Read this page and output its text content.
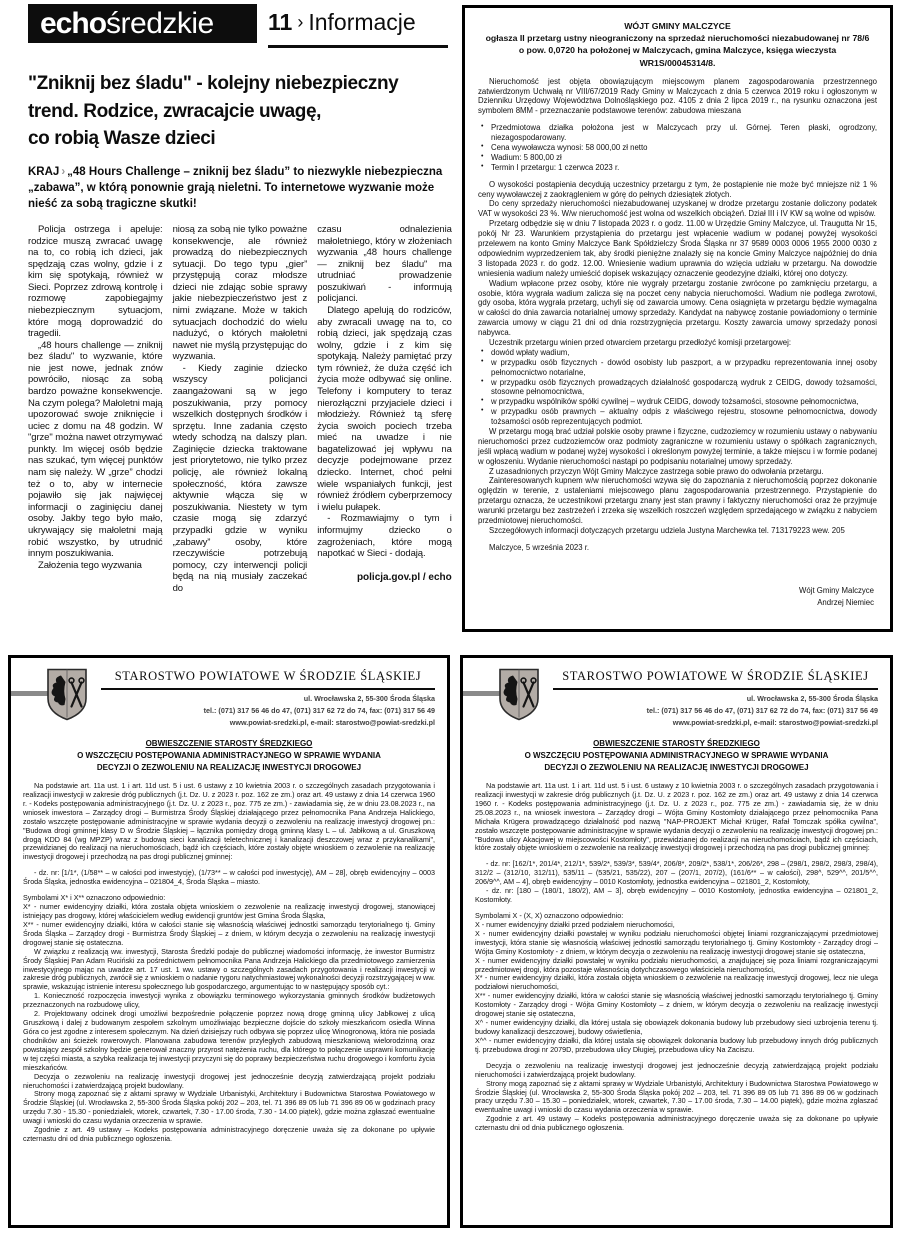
echo średzkie 11 › Informacje
"Zniknij bez śladu" - kolejny niebezpieczny
trend. Rodzice, zwracajcie uwagę,
co robią Wasze dzieci
KRAJ › „48 Hours Challenge – zniknij bez śladu” to niezwykle niebezpieczna „zabawa”, w którą ponownie grają nieletni. To internetowe wyzwanie może nieść za sobą tragiczne skutki!

Policja ostrzega i apeluje: rodzice muszą zwracać uwagę na to, co robią ich dzieci, jak spędzają czas wolny, gdzie i z kim się spotykają, również w Sieci. Poprzez zdrową kontrolę i rozmowę zapobiegajmy niebezpiecznym sytuacjom, które mogą doprowadzić do tragedii.

„48 hours challenge — zniknij bez śladu" to wyzwanie, które nie jest nowe, jednak znów powróciło, niosąc za sobą bardzo poważne konsekwencje. Na czym polega? Małoletni mają upozorować swoje zniknięcie i uciec z domu na 48 godzin. W "grze" można nawet otrzymywać punkty. Im więcej osób będzie nas szukać, tym więcej punktów nam się należy. W „grze” chodzi też o to, aby w internecie pojawiło się jak najwięcej informacji o zaginięciu danej osoby. Jakby tego było mało, ukrywający się małoletni mają robić wszystko, by utrudnić innym poszukiwania.

Założenia tego wyzwania

niosą za sobą nie tylko poważne konsekwencje, ale również prowadzą do niebezpiecznych sytuacji. Do tego typu „gier” przystępują coraz młodsze dzieci nie zdając sobie sprawy jakie niebezpieczeństwo jest z nimi związane. Może w takich sytuacjach dochodzić do wielu nadużyć, o których małoletni nawet nie myślą przystępując do wyzwania.

- Kiedy zaginie dziecko wszyscy policjanci zaangażowani są w jego poszukiwania, przy pomocy wszelkich dostępnych środków i sprzętu. Inne zadania często wtedy schodzą na dalszy plan. Zaginięcie dziecka traktowane jest priorytetowo, nie tylko przez policję, ale również lokalną społeczność, która zawsze aktywnie włącza się w poszukiwania. Niestety w tym czasie mogą się zdarzyć przypadki gdzie w wyniku „zabawy” osoby, które rzeczywiście potrzebują pomocy, czy interwencji policji będą na nią musiały zaczekać do

czasu odnalezienia małoletniego, który w złożeniach wyzwania „48 hours challenge — zniknij bez śladu" ma utrudniać prowadzenie poszukiwań - informują policjanci.

Dlatego apelują do rodziców, aby zwracali uwagę na to, co robią dzieci, jak spędzają czas wolny, gdzie i z kim się spotykają. Należy pamiętać przy tym również, że duża część ich życia może odbywać się online. Telefony i komputery to teraz nierozłączni przyjaciele dzieci i młodzieży. Również tą sferę życia swoich pociech trzeba mieć na uwadze i nie bagatelizować jej wpływu na decyzje podejmowane przez dziecko. Internet, choć pełni wiele wspaniałych funkcji, jest również źródłem cyberprzemocy i wielu pułapek.

- Rozmawiajmy o tym i informujmy dziecko o zagrożeniach, które mogą napotkać w Sieci - dodają.

policja.gov.pl / echo

WÓJT GMINY MALCZYCE
ogłasza II przetarg ustny nieograniczony na sprzedaż nieruchomości niezabudowanej nr 78/6 o pow. 0,0720 ha położonej w Malczycach, gmina Malczyce, księga wieczysta WR1S/00045314/8.

Nieruchomość jest objęta obowiązującym miejscowym planem zagospodarowania przestrzennego zatwierdzonym Uchwałą nr VIII/67/2019 Rady Gminy w Malczycach z dnia 5 czerwca 2019 roku i ogłoszonym w Dzienniku Urzędowy Województwa Dolnośląskiego poz. 4105 z dnia 2 lipca 2019 r., na rysunku oznaczona jest symbolem 8MM - przeznaczanie podstawowe terenów: zabudowa mieszana

• Przedmiotowa działka położona jest w Malczycach przy ul. Górnej. Teren płaski, ogrodzony, niezagospodarowany.

• Cena wywoławcza wynosi: 58 000,00 zł netto

• Wadium: 5 800,00 zł

• Termin I przetargu: 1 czerwca 2023 r.

O wysokości postąpienia decydują uczestnicy przetargu z tym, że postąpienie nie może być mniejsze niż 1 % ceny wywoławczej z zaokrągleniem w górę do pełnych dziesiątek złotych.

Do ceny sprzedaży nieruchomości niezabudowanej uzyskanej w drodze przetargu zostanie doliczony podatek VAT w wysokości 23 %. W/w nieruchomość jest wolna od wszelkich obciążeń. Dział III i IV KW są wolne od wpisów.

Przetarg odbędzie się w dniu 7 listopada 2023 r. o godz. 11.00 w Urzędzie Gminy Malczyce, ul. Traugutta Nr 15, pokój Nr 23. Warunkiem przystąpienia do przetargu jest wpłacenie wadium w podanej powyżej wysokości przelewem na konto Gminy Malczyce Bank Spółdzielczy Środa Śląska nr 37 9589 0003 0006 1955 2000 0030 z odpowiednim wyprzedzeniem tak, aby środki pieniężne znalazły się na koncie Gminy Malczyce najpóźniej do dnia 3 listopada 2023 r. do godz. 12.00. Wniesienie wadium uprawnia do wzięcia udziału w przetargu. Na dowodzie wniesienia wadium należy umieścić dopisek wskazujący oznaczenie geodezyjne działki, której ono dotyczy.

Wadium wpłacone przez osoby, które nie wygrały przetargu zostanie zwrócone po zamknięciu przetargu, a osobie, która wygrała wadium zalicza się na poczet ceny nabycia nieruchomości. Wadium nie podlega zwrotowi, gdy osoba, która wygrała przetarg, uchyli się od zawarcia umowy. Cena osiągnięta w przetargu będzie wymagalna w całości do dnia zawarcia notarialnej umowy sprzedaży. Kandydat na nabywcę zostanie powiadomiony o terminie zawarcia umowy w ciągu 21 dni od dnia rozstrzygnięcia przetargu. Koszty zawarcia umowy sprzedaży ponosi nabywca.

Uczestnik przetargu winien przed otwarciem przetargu przedłożyć komisji przetargowej:

• dowód wpłaty wadium,

• w przypadku osób fizycznych - dowód osobisty lub paszport, a w przypadku reprezentowania innej osoby pełnomocnictwo notarialne,

• w przypadku osób fizycznych prowadzących działalność gospodarczą wydruk z CEIDG, dowody tożsamości, stosowne pełnomocnictwa,

• w przypadku wspólników spółki cywilnej – wydruk CEIDG, dowody tożsamości, stosowne pełnomocnictwa,

• w przypadku osób prawnych – aktualny odpis z właściwego rejestru, stosowne pełnomocnictwa, dowody tożsamości osób reprezentujących podmiot.

W przetargu mogą brać udział polskie osoby prawne i fizyczne, cudzoziemcy w rozumieniu ustawy o nabywaniu nieruchomości przez cudzoziemców oraz podmioty zagraniczne w rozumieniu ustawy o spółkach zagranicznych, jeśli wpłacą wadium w podanej wyżej wysokości i określonym powyżej terminie, a także miejscu i w formie podanej w ogłoszeniu. Wydanie nieruchomości nastąpi po podpisaniu notarialnej umowy sprzedaży.

Z uzasadnionych przyczyn Wójt Gminy Malczyce zastrzega sobie prawo do odwołania przetargu.

Zainteresowanych kupnem w/w nieruchomości wzywa się do zapoznania z nieruchomością poprzez dokonanie oględzin w terenie, z ustaleniami miejscowego planu zagospodarowania przestrzennego. Przystąpienie do przetargu oznacza, że uczestnikowi przetargu znany jest stan prawny i faktyczny nieruchomości oraz że przyjmuje warunki przetargu bez zastrzeżeń i zrzeka się wszelkich roszczeń względem sprzedającego w związku z nabyciem przedmiotowej nieruchomości.

Szczegółowych informacji dotyczących przetargu udziela Justyna Marchewka tel. 713179223 wew. 205

Malczyce, 5 września 2023 r.

Wójt Gminy Malczyce
Andrzej Niemiec
STAROSTWO POWIATOWE W ŚRODZIE ŚLĄSKIEJ
ul. Wrocławska 2, 55-300 Środa Śląska
tel.: (071) 317 56 46 do 47, (071) 317 62 72 do 74, fax: (071) 317 56 49
www.powiat-sredzki.pl, e-mail: starostwo@powiat-sredzki.pl
OBWIESZCZENIE STAROSTY ŚREDZKIEGO
O WSZCZĘCIU POSTĘPOWANIA ADMINISTRACYJNEGO W SPRAWIE WYDANIA
DECYZJI O ZEZWOLENIU NA REALIZACJĘ INWESTYCJI DROGOWEJ

Na podstawie art. 11a ust. 1 i art. 11d ust. 5 i ust. 6 ustawy z 10 kwietnia 2003 r. o szczególnych zasadach przygotowania i realizacji inwestycji w zakresie dróg publicznych (j.t. Dz. U. z 2023 r. poz. 162 ze zm.) oraz art. 49 ustawy z dnia 14 czerwca 1960 r. - Kodeks postępowania administracyjnego (j.t. Dz. U. z 2023 r., poz. 775 ze zm.) - zawiadamia się, że w dniu 23.08.2023 r., na wniosek inwestora – Zarządcy drogi – Burmistrza Środy Śląskiej działającego przez pełnomocnika Pana Andrzeja Halickiego, zostało wszczęte postępowanie administracyjne w sprawie wydania decyzji o zezwoleniu na realizację inwestycji drogowej pn.: "Budowa drogi gminnej klasy D w Środzie Śląskiej – łącznika pomiędzy drogą gminną klasy L – ul. Jabłkową a ul. Gruszkową drogą KDD 84 (wg MPZP) wraz z budową sieci kanalizacji teletechnicznej i kanalizacji deszczowej wraz z przykanalikami", przewidzianej do realizacji na nieruchomościach, bądź ich częściach, które zostały objęte wnioskiem o zezwolenie na realizację inwestycji drogowej i przechodzą na pas drogi publicznej gminnej:

- dz. nr: [1/1*, (1/58** – w całości pod inwestycję), (1/73** – w całości pod inwestycję), AM – 28], obręb ewidencyjny – 0003 Środa Śląska, jednostka ewidencyjna – 021804_4, Środa Śląska – miasto.

Symbolami X* i X** oznaczono odpowiednio:

X* - numer ewidencyjny działki, która została objęta wnioskiem o zezwolenie na realizację inwestycji drogowej, stanowiącej istniejący pas drogowy, której właścicielem według ewidencji gruntów jest Gmina Środa Śląska,

X** - numer ewidencyjny działki, która w całości stanie się własnością właściwej jednostki samorządu terytorialnego tj. Gminy Środa Śląska – Zarządcy drogi - Burmistrza Środy Śląskiej – z dniem, w którym decyzja o zezwoleniu na realizację inwestycji drogowej stanie się ostateczna.

W związku z realizacją ww. inwestycji, Starosta Średzki podaje do publicznej wiadomości informację, że inwestor Burmistrz Środy Śląskiej Pan Adam Ruciński za pośrednictwem pełnomocnika Pana Andrzeja Halickiego dla przedmiotowego zamierzenia inwestycyjnego mając na uwadze art. 17 ust. 1 ww. ustawy o szczególnych zasadach przygotowania i realizacji inwestycji w zakresie dróg publicznych, zwrócił się z wnioskiem o nadanie rygoru natychmiastowej wykonalności decyzji rozstrzygającej w ww. sprawie, wskazując istnienie interesu społecznego lub gospodarczego, argumentując to w następujący sposób cyt.:

1. Konieczność rozpoczęcia inwestycji wynika z obowiązku terminowego wykorzystania gminnych środków budżetowych przeznaczonych na rozbudowę ulicy,

2. Projektowany odcinek drogi umożliwi bezpośrednie połączenie poprzez nową drogę gminną ulicy Jabłkowej z ulicą Gruszkową i dalej z budowanym zespołem szkolnym umożliwiając bezpieczne dojście do szkoły mieszkańcom osiedla Winna Góra co jest zgodne z interesem społecznym. Na dzień dzisiejszy ruch odbywa się poprzez ulicę Winogronową, która nie posiada chodników ani ścieżek rowerowych. Planowana zabudowa terenów przyległych zabudową mieszkaniową wielorodzinną oraz powstający zespół szkolny będzie generował znaczny przyrost natężenia ruchu, dla którego to połączenie usprawni komunikację w tej części miasta, a szybka realizacja tej inwestycji przyczyni się do poprawy bezpieczeństwa ruchu drogowego i komfortu życia mieszkańców.

Decyzja o zezwoleniu na realizację inwestycji drogowej jest jednocześnie decyzją zatwierdzającą projekt podziału nieruchomości i zatwierdzającą projekt budowlany.

Strony mogą zapoznać się z aktami sprawy w Wydziale Urbanistyki, Architektury i Budownictwa Starostwa Powiatowego w Środzie Śląskiej (ul. Wrocławska 2, 55-300 Środa Śląska pokój 202 – 203, tel. 71 396 89 05 lub 71 396 89 06 w godzinach pracy urzędu 7.30 - 15.30 - poniedziałek, wtorek, czwartek, 7.30 - 17.00 środa, 7.30 - 14.00 piątek), gdzie można zgłaszać ewentualne uwagi i wnioski do czasu wydania orzeczenia w sprawie.

Zgodnie z art. 49 ustawy – Kodeks postępowania administracyjnego doręczenie uważa się za dokonane po upływie czternastu dni od dnia publicznego ogłoszenia.

STAROSTWO POWIATOWE W ŚRODZIE ŚLĄSKIEJ
ul. Wrocławska 2, 55-300 Środa Śląska
tel.: (071) 317 56 46 do 47, (071) 317 62 72 do 74, fax: (071) 317 56 49
www.powiat-sredzki.pl, e-mail: starostwo@powiat-sredzki.pl
OBWIESZCZENIE STAROSTY ŚREDZKIEGO
O WSZCZĘCIU POSTĘPOWANIA ADMINISTRACYJNEGO W SPRAWIE WYDANIA
DECYZJI O ZEZWOLENIU NA REALIZACJĘ INWESTYCJI DROGOWEJ

Na podstawie art. 11a ust. 1 i art. 11d ust. 5 i ust. 6 ustawy z 10 kwietnia 2003 r. o szczególnych zasadach przygotowania i realizacji inwestycji w zakresie dróg publicznych (j.t. Dz. U. z 2023 r. poz. 162 ze zm.) oraz art. 49 ustawy z dnia 14 czerwca 1960 r. - Kodeks postępowania administracyjnego (j.t. Dz. U. z 2023 r., poz. 775 ze zm.) - zawiadamia się, że w dniu 25.08.2023 r., na wniosek inwestora – Zarządcy drogi – Wójta Gminy Kostomłoty działającego przez pełnomocnika Pana Michała Krügera prowadzącego działalność pod nazwą "NAP-PROJEKT Michał Krüger, Rafał Tomczak spółka cywilna", zostało wszczęte postępowanie administracyjne w sprawie wydania decyzji o zezwoleniu na realizację inwestycji drogowej pn.: "Budowa ulicy Akacjowej w miejscowości Kostomłoty", przewidzianej do realizacji na nieruchomościach, bądź ich częściach, które zostały objęte wnioskiem o zezwolenie na realizację inwestycji drogowej i przechodzą na pas drogi publicznej gminnej:

- dz. nr: [162/1*, 201/4*, 212/1*, 539/2*, 539/3*, 539/4*, 206/8*, 209/2*, 538/1*, 206/26*, 298 – (298/1, 298/2, 298/3, 298/4), 312/2 – (312/10, 312/11), 535/11 – (535/21, 535/22), 207 – (207/1, 207/2), (161/6** – w całości), 298^, 529^^, 201/5^^, 206/9^^, AM – 4], obręb ewidencyjny – 0010 Kostomłoty, jednostka ewidencyjna – 021801_2, Kostomłoty,

- dz. nr: [180 – (180/1, 180/2), AM – 3], obręb ewidencyjny – 0010 Kostomłoty, jednostka ewidencyjna – 021801_2, Kostomłoty.

Symbolami X - (X, X) oznaczono odpowiednio:

X - numer ewidencyjny działki przed podziałem nieruchomości,

X - numer ewidencyjny działki powstałej w wyniku podziału nieruchomości objętej liniami rozgraniczającymi przedmiotowej inwestycji, która stanie się własnością właściwej jednostki samorządu terytorialnego tj. Gminy Kostomłoty - Zarządcy drogi – Wójta Gminy Kostomłoty - z dniem, w którym decyzja o zezwoleniu na realizację inwestycji drogowej stanie się ostateczna,

X - numer ewidencyjny działki powstałej w wyniku podziału nieruchomości, a znajdującej się poza liniami rozgraniczającymi przedmiotowej drogi, która pozostaje własnością dotychczasowego właściciela nieruchomości,

X* - numer ewidencyjny działki, która została objęta wnioskiem o zezwolenie na realizację inwestycji drogowej, lecz nie ulega podziałowi nieruchomości,

X** - numer ewidencyjny działki, która w całości stanie się własnością właściwej jednostki samorządu terytorialnego tj. Gminy Kostomłoty - Zarządcy drogi - Wójta Gminy Kostomłoty – z dniem, w którym decyzja o zezwoleniu na realizację inwestycji drogowej stanie się ostateczna,

X^ - numer ewidencyjny działki, dla której ustala się obowiązek dokonania budowy lub przebudowy sieci uzbrojenia terenu tj. budowy kanalizacji deszczowej, budowy oświetlenia,

X^^ - numer ewidencyjny działki, dla której ustala się obowiązek dokonania budowy lub przebudowy innych dróg publicznych tj. przebudowa drogi nr 2079D, przebudowa ulicy Długiej, przebudowa ulicy Na Zaciszu.

Decyzja o zezwoleniu na realizację inwestycji drogowej jest jednocześnie decyzją zatwierdzającą projekt podziału nieruchomości i zatwierdzającą projekt budowlany.

Strony mogą zapoznać się z aktami sprawy w Wydziale Urbanistyki, Architektury i Budownictwa Starostwa Powiatowego w Środzie Śląskiej (ul. Wrocławska 2, 55-300 Środa Śląska pokój 202 – 203, tel. 71 396 89 05 lub 71 396 89 06 w godzinach pracy urzędu 7.30 – 15.30 – poniedziałek, wtorek, czwartek, 7.30 – 17.00 środa, 7.30 – 14.00 piątek), gdzie można zgłaszać ewentualne uwagi i wnioski do czasu wydania orzeczenia w sprawie.

Zgodnie z art. 49 ustawy – Kodeks postępowania administracyjnego doręczenie uważa się za dokonane po upływie czternastu dni od dnia publicznego ogłoszenia.
